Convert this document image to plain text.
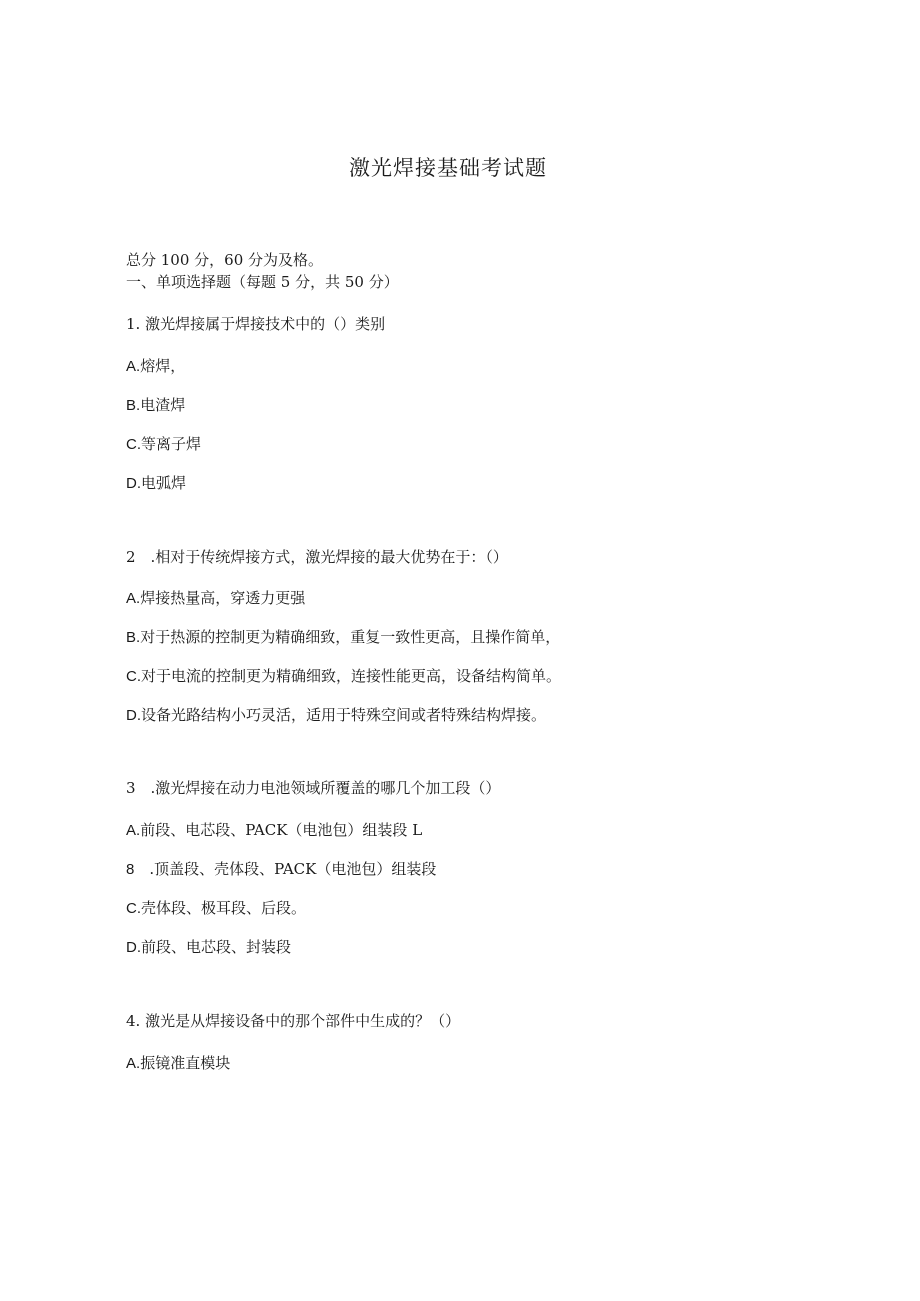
激光焊接基础考试题
总分 100 分，60 分为及格。
一、单项选择题（每题 5 分，共 50 分）
1. 激光焊接属于焊接技术中的（）类别
A.熔焊，
B.电渣焊
C.等离子焊
D.电弧焊
2　.相对于传统焊接方式，激光焊接的最大优势在于：（）
A.焊接热量高，穿透力更强
B.对于热源的控制更为精确细致，重复一致性更高，且操作简单，
C.对于电流的控制更为精确细致，连接性能更高，设备结构简单。
D.设备光路结构小巧灵活，适用于特殊空间或者特殊结构焊接。
3　.激光焊接在动力电池领域所覆盖的哪几个加工段（）
A.前段、电芯段、PACK（电池包）组装段 L
8　.顶盖段、壳体段、PACK（电池包）组装段
C.壳体段、极耳段、后段。
D.前段、电芯段、封装段
4. 激光是从焊接设备中的那个部件中生成的？（）
A.振镜准直模块
